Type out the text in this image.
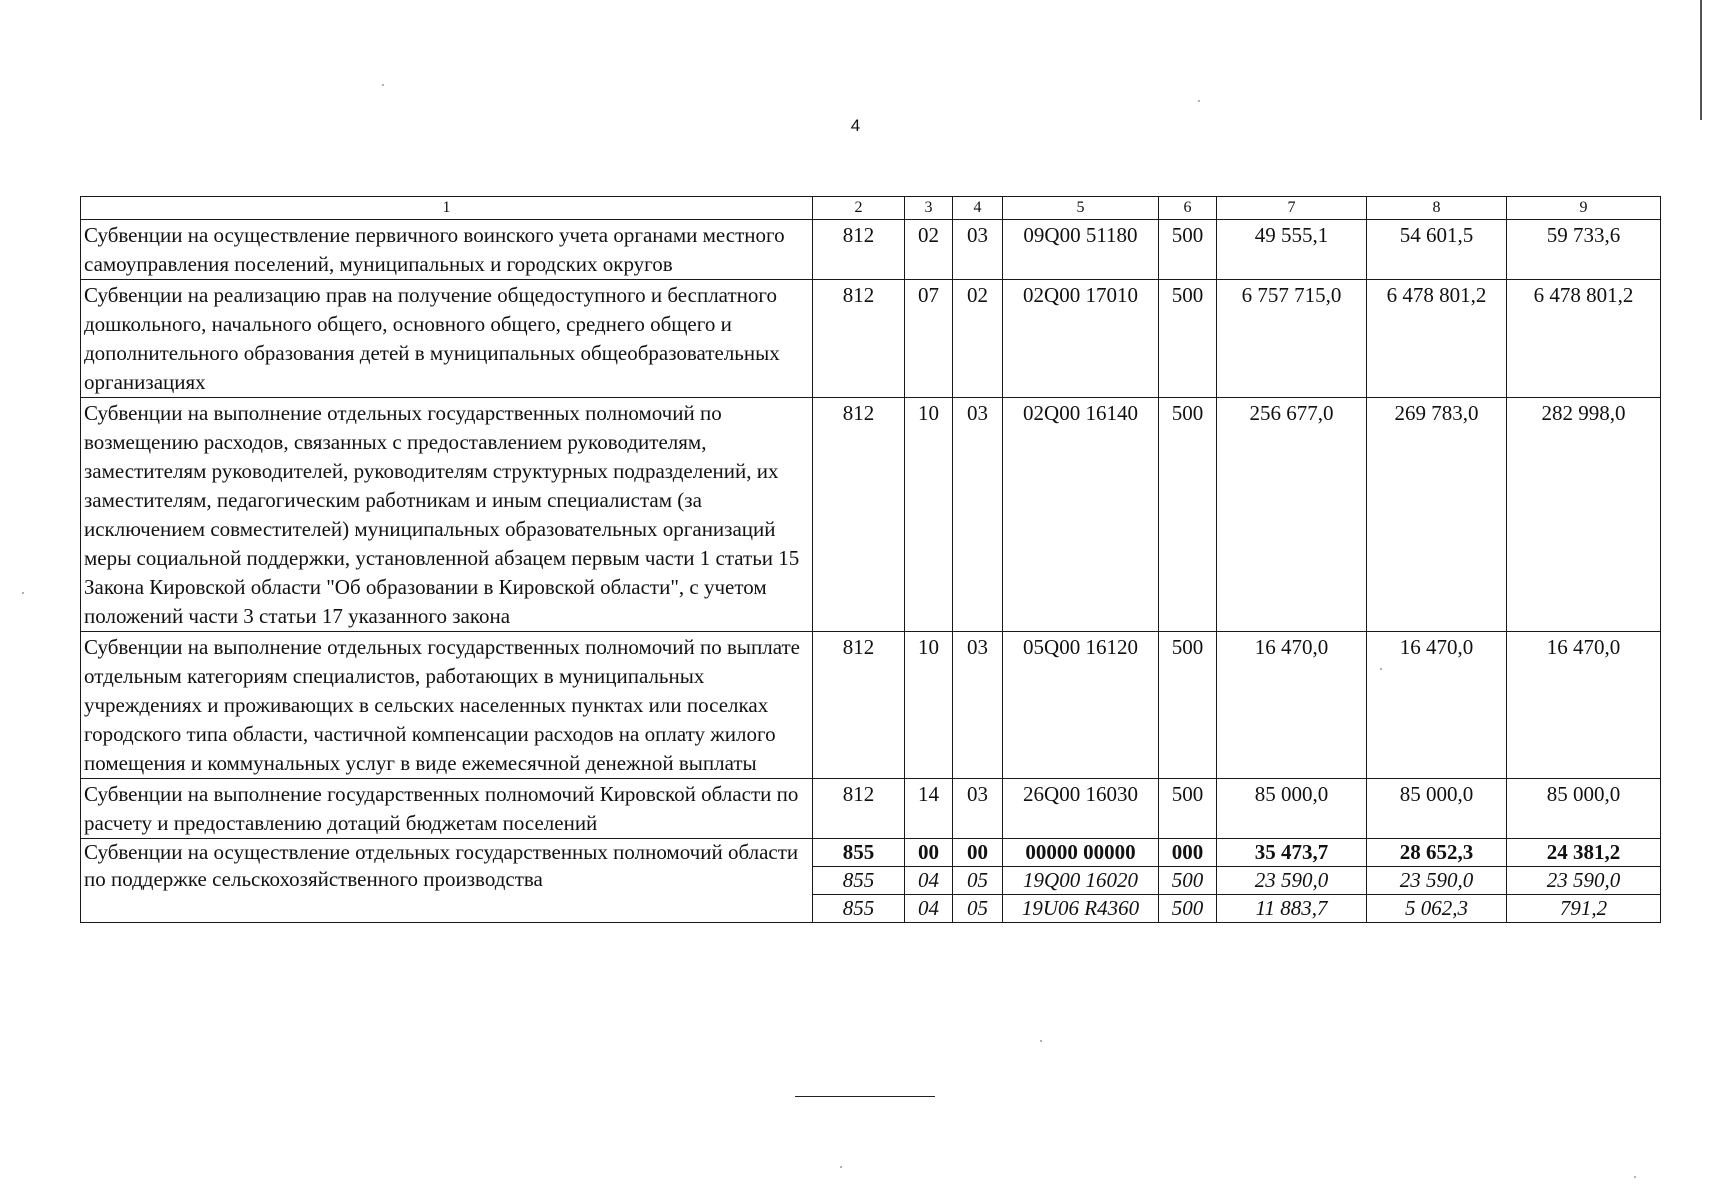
4
1	2	3	4	5	6	7	8	9
Субвенции на осуществление первичного воинского учета органами местного самоуправления поселений, муниципальных и городских округов	812	02	03	09Q00 51180	500	49 555,1	54 601,5	59 733,6
Субвенции на реализацию прав на получение общедоступного и бесплатного дошкольного, начального общего, основного общего, среднего общего и дополнительного образования детей в муниципальных общеобразовательных организациях	812	07	02	02Q00 17010	500	6 757 715,0	6 478 801,2	6 478 801,2
Субвенции на выполнение отдельных государственных полномочий по возмещению расходов, связанных с предоставлением руководителям, заместителям руководителей, руководителям структурных подразделений, их заместителям, педагогическим работникам и иным специалистам (за исключением совместителей) муниципальных образовательных организаций меры социальной поддержки, установленной абзацем первым части 1 статьи 15 Закона Кировской области "Об образовании в Кировской области", с учетом положений части 3 статьи 17 указанного закона	812	10	03	02Q00 16140	500	256 677,0	269 783,0	282 998,0
Субвенции на выполнение отдельных государственных полномочий по выплате отдельным категориям специалистов, работающих в муниципальных учреждениях и проживающих в сельских населенных пунктах или поселках городского типа области, частичной компенсации расходов на оплату жилого помещения и коммунальных услуг в виде ежемесячной денежной выплаты	812	10	03	05Q00 16120	500	16 470,0	16 470,0	16 470,0
Субвенции на выполнение государственных полномочий Кировской области по расчету и предоставлению дотаций бюджетам поселений	812	14	03	26Q00 16030	500	85 000,0	85 000,0	85 000,0
Субвенции на осуществление отдельных государственных полномочий области по поддержке сельскохозяйственного производства	855	00	00	00000 00000	000	35 473,7	28 652,3	24 381,2
	855	04	05	19Q00 16020	500	23 590,0	23 590,0	23 590,0
	855	04	05	19U06 R4360	500	11 883,7	5 062,3	791,2
